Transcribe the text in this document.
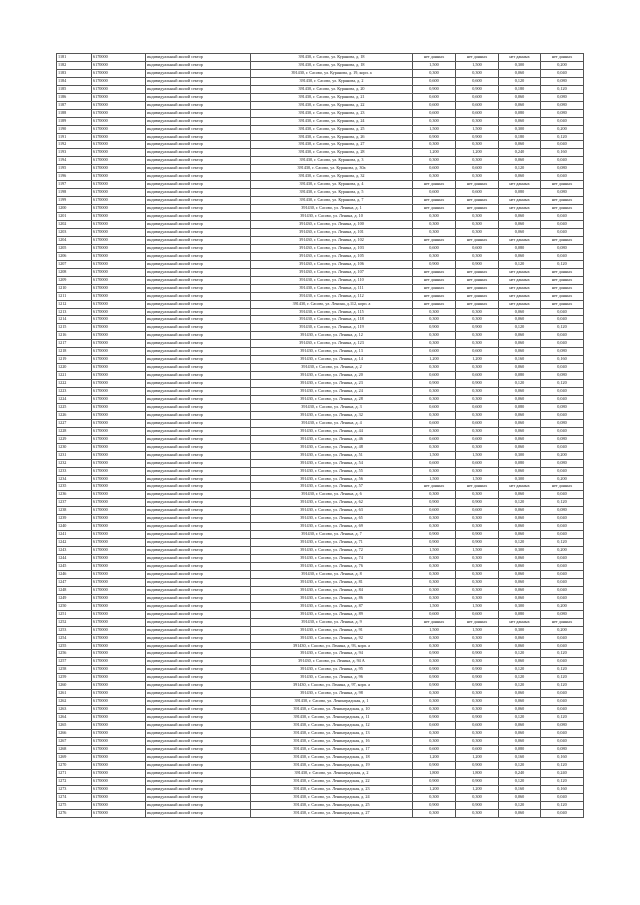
1181	6170000	индивидуальный жилой сектор	391430, г. Сасово, ул. Курянова, д. 18	нет данных	нет данных	нет данных	нет данных
1182	6170000	индивидуальный жилой сектор	391430, г. Сасово, ул. Курянова, д. 18	1,500	1,500	0,300	0,200
1183	6170000	индивидуальный жилой сектор	391430, г. Сасово, ул. Курянова, д. 19, корп. а	0,300	0,300	0,060	0,040
1184	6170000	индивидуальный жилой сектор	391430, г. Сасово, ул. Курянова, д. 2	0,600	0,600	0,120	0,080
1185	6170000	индивидуальный жилой сектор	391430, г. Сасово, ул. Курянова, д. 20	0,900	0,900	0,180	0,120
1186	6170000	индивидуальный жилой сектор	391430, г. Сасово, ул. Курянова, д. 21	0,600	0,600	0,060	0,080
1187	6170000	индивидуальный жилой сектор	391430, г. Сасово, ул. Курянова, д. 22	0,600	0,600	0,060	0,080
1188	6170000	индивидуальный жилой сектор	391430, г. Сасово, ул. Курянова, д. 23	0,600	0,600	0,080	0,080
1189	6170000	индивидуальный жилой сектор	391430, г. Сасово, ул. Курянова, д. 24	0,300	0,300	0,060	0,040
1190	6170000	индивидуальный жилой сектор	391430, г. Сасово, ул. Курянова, д. 25	1,500	1,500	0,300	0,200
1191	6170000	индивидуальный жилой сектор	391430, г. Сасово, ул. Курянова, д. 26	0,900	0,900	0,180	0,120
1192	6170000	индивидуальный жилой сектор	391430, г. Сасово, ул. Курянова, д. 27	0,300	0,300	0,060	0,040
1193	6170000	индивидуальный жилой сектор	391430, г. Сасово, ул. Курянова, д. 28	1,200	1,200	0,240	0,160
1194	6170000	индивидуальный жилой сектор	391430, г. Сасово, ул. Курянова, д. 3	0,300	0,300	0,060	0,040
1195	6170000	индивидуальный жилой сектор	391430, г. Сасово, ул. Курянова, д. 30а	0,600	0,600	0,120	0,080
1196	6170000	индивидуальный жилой сектор	391430, г. Сасово, ул. Курянова, д. 32	0,300	0,300	0,060	0,040
1197	6170000	индивидуальный жилой сектор	391430, г. Сасово, ул. Курянова, д. 4	нет данных	нет данных	нет данных	нет данных
1198	6170000	индивидуальный жилой сектор	391430, г. Сасово, ул. Курянова, д. 5	0,600	0,600	0,080	0,080
1199	6170000	индивидуальный жилой сектор	391430, г. Сасово, ул. Курянова, д. 7	нет данных	нет данных	нет данных	нет данных
1200	6170000	индивидуальный жилой сектор	391430, г. Сасово, ул. Ленина, д. 1	нет данных	нет данных	нет данных	нет данных
1201	6170000	индивидуальный жилой сектор	391430, г. Сасово, ул. Ленина, д. 10	0,300	0,300	0,060	0,040
1202	6170000	индивидуальный жилой сектор	391430, г. Сасово, ул. Ленина, д. 100	0,300	0,300	0,060	0,040
1203	6170000	индивидуальный жилой сектор	391430, г. Сасово, ул. Ленина, д. 101	0,300	0,300	0,060	0,040
1204	6170000	индивидуальный жилой сектор	391430, г. Сасово, ул. Ленина, д. 102	нет данных	нет данных	нет данных	нет данных
1205	6170000	индивидуальный жилой сектор	391430, г. Сасово, ул. Ленина, д. 103	0,600	0,600	0,080	0,080
1206	6170000	индивидуальный жилой сектор	391430, г. Сасово, ул. Ленина, д. 105	0,300	0,300	0,060	0,040
1207	6170000	индивидуальный жилой сектор	391430, г. Сасово, ул. Ленина, д. 106	0,900	0,900	0,120	0,120
1208	6170000	индивидуальный жилой сектор	391430, г. Сасово, ул. Ленина, д. 107	нет данных	нет данных	нет данных	нет данных
1209	6170000	индивидуальный жилой сектор	391430, г. Сасово, ул. Ленина, д. 110	нет данных	нет данных	нет данных	нет данных
1210	6170000	индивидуальный жилой сектор	391430, г. Сасово, ул. Ленина, д. 111	нет данных	нет данных	нет данных	нет данных
1211	6170000	индивидуальный жилой сектор	391430, г. Сасово, ул. Ленина, д. 112	нет данных	нет данных	нет данных	нет данных
1212	6170000	индивидуальный жилой сектор	391430, г. Сасово, ул. Ленина, д.112, корп. а	нет данных	нет данных	нет данных	нет данных
1213	6170000	индивидуальный жилой сектор	391430, г. Сасово, ул. Ленина, д. 115	0,300	0,300	0,060	0,040
1214	6170000	индивидуальный жилой сектор	391430, г. Сасово, ул. Ленина, д. 118	0,300	0,300	0,060	0,040
1215	6170000	индивидуальный жилой сектор	391430, г. Сасово, ул. Ленина, д. 119	0,900	0,900	0,120	0,120
1216	6170000	индивидуальный жилой сектор	391430, г. Сасово, ул. Ленина, д. 12	0,300	0,300	0,060	0,040
1217	6170000	индивидуальный жилой сектор	391430, г. Сасово, ул. Ленина, д. 123	0,300	0,300	0,060	0,040
1218	6170000	индивидуальный жилой сектор	391430, г. Сасово, ул. Ленина, д. 13	0,600	0,600	0,060	0,080
1219	6170000	индивидуальный жилой сектор	391430, г. Сасово, ул. Ленина, д. 14	1,200	1,200	0,160	0,160
1220	6170000	индивидуальный жилой сектор	391430, г. Сасово, ул. Ленина, д. 2	0,300	0,300	0,060	0,040
1221	6170000	индивидуальный жилой сектор	391430, г. Сасово, ул. Ленина, д. 20	0,600	0,600	0,080	0,080
1222	6170000	индивидуальный жилой сектор	391430, г. Сасово, ул. Ленина, д. 23	0,900	0,900	0,120	0,120
1223	6170000	индивидуальный жилой сектор	391430, г. Сасово, ул. Ленина, д. 24	0,300	0,300	0,060	0,040
1224	6170000	индивидуальный жилой сектор	391430, г. Сасово, ул. Ленина, д. 28	0,300	0,300	0,060	0,040
1225	6170000	индивидуальный жилой сектор	391430, г. Сасово, ул. Ленина, д. 3	0,600	0,600	0,080	0,080
1226	6170000	индивидуальный жилой сектор	391430, г. Сасово, ул. Ленина, д. 32	0,300	0,300	0,060	0,040
1227	6170000	индивидуальный жилой сектор	391430, г. Сасово, ул. Ленина, д. 4	0,600	0,600	0,060	0,080
1228	6170000	индивидуальный жилой сектор	391430, г. Сасово, ул. Ленина, д. 44	0,300	0,300	0,060	0,040
1229	6170000	индивидуальный жилой сектор	391430, г. Сасово, ул. Ленина, д. 46	0,600	0,600	0,060	0,080
1230	6170000	индивидуальный жилой сектор	391430, г. Сасово, ул. Ленина, д. 48	0,300	0,300	0,060	0,040
1231	6170000	индивидуальный жилой сектор	391430, г. Сасово, ул. Ленина, д. 51	1,500	1,500	0,300	0,200
1232	6170000	индивидуальный жилой сектор	391430, г. Сасово, ул. Ленина, д. 54	0,600	0,600	0,080	0,080
1233	6170000	индивидуальный жилой сектор	391430, г. Сасово, ул. Ленина, д. 55	0,300	0,300	0,060	0,040
1234	6170000	индивидуальный жилой сектор	391430, г. Сасово, ул. Ленина, д. 56	1,500	1,500	0,300	0,200
1235	6170000	индивидуальный жилой сектор	391430, г. Сасово, ул. Ленина, д. 57	нет данных	нет данных	нет данных	нет данных
1236	6170000	индивидуальный жилой сектор	391430, г. Сасово, ул. Ленина, д. 6	0,300	0,300	0,060	0,040
1237	6170000	индивидуальный жилой сектор	391430, г. Сасово, ул. Ленина, д. 62	0,900	0,900	0,120	0,120
1238	6170000	индивидуальный жилой сектор	391430, г. Сасово, ул. Ленина, д. 63	0,600	0,600	0,060	0,080
1239	6170000	индивидуальный жилой сектор	391430, г. Сасово, ул. Ленина, д. 65	0,300	0,300	0,060	0,040
1240	6170000	индивидуальный жилой сектор	391430, г. Сасово, ул. Ленина, д. 69	0,300	0,300	0,060	0,040
1241	6170000	индивидуальный жилой сектор	391430, г. Сасово, ул. Ленина, д. 7	0,900	0,900	0,060	0,040
1242	6170000	индивидуальный жилой сектор	391430, г. Сасово, ул. Ленина, д. 71	0,900	0,900	0,120	0,120
1243	6170000	индивидуальный жилой сектор	391430, г. Сасово, ул. Ленина, д. 72	1,500	1,500	0,300	0,200
1244	6170000	индивидуальный жилой сектор	391430, г. Сасово, ул. Ленина, д. 74	0,300	0,300	0,060	0,040
1245	6170000	индивидуальный жилой сектор	391430, г. Сасово, ул. Ленина, д. 76	0,300	0,300	0,060	0,040
1246	6170000	индивидуальный жилой сектор	391430, г. Сасово, ул. Ленина, д. 8	0,300	0,300	0,060	0,040
1247	6170000	индивидуальный жилой сектор	391430, г. Сасово, ул. Ленина, д. 81	0,300	0,300	0,060	0,040
1248	6170000	индивидуальный жилой сектор	391430, г. Сасово, ул. Ленина, д. 84	0,300	0,300	0,060	0,040
1249	6170000	индивидуальный жилой сектор	391430, г. Сасово, ул. Ленина, д. 86	0,300	0,300	0,060	0,040
1250	6170000	индивидуальный жилой сектор	391430, г. Сасово, ул. Ленина, д. 87	1,500	1,500	0,300	0,200
1251	6170000	индивидуальный жилой сектор	391430, г. Сасово, ул. Ленина, д. 89	0,600	0,600	0,080	0,080
1252	6170000	индивидуальный жилой сектор	391430, г. Сасово, ул. Ленина, д. 9	нет данных	нет данных	нет данных	нет данных
1253	6170000	индивидуальный жилой сектор	391430, г. Сасово, ул. Ленина, д. 91	1,500	1,500	0,300	0,200
1254	6170000	индивидуальный жилой сектор	391430, г. Сасово, ул. Ленина, д. 92	0,300	0,300	0,060	0,040
1255	6170000	индивидуальный жилой сектор	391430, г. Сасово, ул. Ленина, д. 93, корп. а	0,300	0,300	0,060	0,040
1256	6170000	индивидуальный жилой сектор	391430, г. Сасово, ул. Ленина, д. 94	0,900	0,900	0,120	0,120
1257	6170000	индивидуальный жилой сектор	391430, г. Сасово, ул. Ленина, д. 94 А	0,300	0,300	0,060	0,040
1258	6170000	индивидуальный жилой сектор	391430, г. Сасово, ул. Ленина, д. 95	0,900	0,900	0,120	0,120
1259	6170000	индивидуальный жилой сектор	391430, г. Сасово, ул. Ленина, д. 96	0,900	0,900	0,120	0,120
1260	6170000	индивидуальный жилой сектор	391430, г. Сасово, ул. Ленина, д. 97, корп. а	0,900	0,900	0,120	0,120
1261	6170000	индивидуальный жилой сектор	391430, г. Сасово, ул. Ленина, д. 98	0,300	0,300	0,060	0,040
1262	6170000	индивидуальный жилой сектор	391430, г. Сасово, ул. Ленинградская, д. 1	0,300	0,300	0,060	0,040
1263	6170000	индивидуальный жилой сектор	391430, г. Сасово, ул. Ленинградская, д. 10	0,300	0,300	0,060	0,040
1264	6170000	индивидуальный жилой сектор	391430, г. Сасово, ул. Ленинградская, д. 11	0,900	0,900	0,120	0,120
1265	6170000	индивидуальный жилой сектор	391430, г. Сасово, ул. Ленинградская, д. 12	0,600	0,600	0,060	0,080
1266	6170000	индивидуальный жилой сектор	391430, г. Сасово, ул. Ленинградская, д. 13	0,300	0,300	0,060	0,040
1267	6170000	индивидуальный жилой сектор	391430, г. Сасово, ул. Ленинградская, д. 16	0,300	0,300	0,060	0,040
1268	6170000	индивидуальный жилой сектор	391430, г. Сасово, ул. Ленинградская, д. 17	0,600	0,600	0,080	0,080
1269	6170000	индивидуальный жилой сектор	391430, г. Сасово, ул. Ленинградская, д. 18	1,200	1,200	0,160	0,160
1270	6170000	индивидуальный жилой сектор	391430, г. Сасово, ул. Ленинградская, д. 19	0,900	0,900	0,120	0,120
1271	6170000	индивидуальный жилой сектор	391430, г. Сасово, ул. Ленинградская, д. 2	1,800	1,800	0,240	0,240
1272	6170000	индивидуальный жилой сектор	391430, г. Сасово, ул. Ленинградская, д. 22	0,900	0,900	0,120	0,120
1273	6170000	индивидуальный жилой сектор	391430, г. Сасово, ул. Ленинградская, д. 23	1,200	1,200	0,160	0,160
1274	6170000	индивидуальный жилой сектор	391430, г. Сасово, ул. Ленинградская, д. 24	0,300	0,300	0,060	0,040
1275	6170000	индивидуальный жилой сектор	391430, г. Сасово, ул. Ленинградская, д. 25	0,900	0,900	0,120	0,120
1276	6170000	индивидуальный жилой сектор	391430, г. Сасово, ул. Ленинградская, д. 27	0,300	0,300	0,060	0,040
